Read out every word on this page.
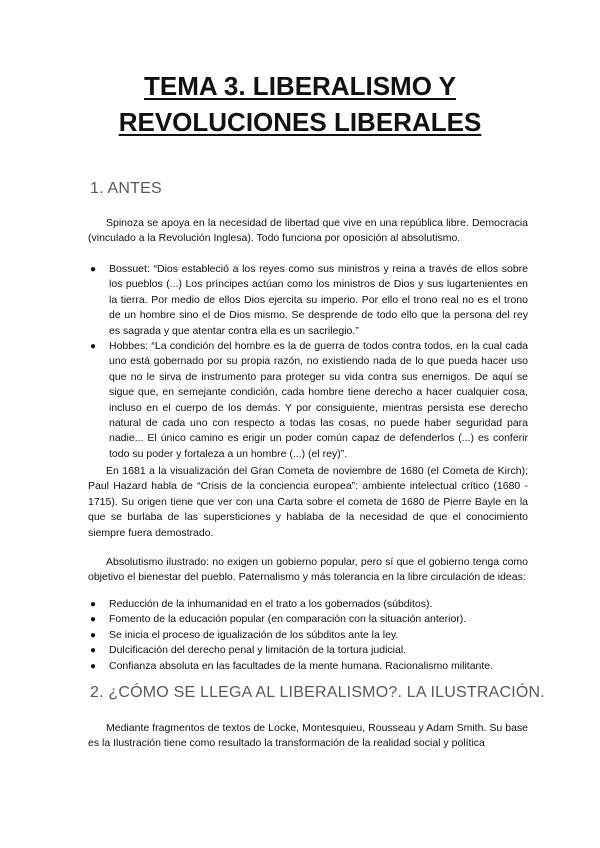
TEMA 3. LIBERALISMO Y
REVOLUCIONES LIBERALES
1. ANTES

Spinoza se apoya en la necesidad de libertad que vive en una república libre. Democracia (vinculado a la Revolución Inglesa). Todo funciona por oposición al absolutismo.

● Bossuet: “Dios estableció a los reyes como sus ministros y reina a través de ellos sobre los pueblos (...) Los príncipes actúan como los ministros de Dios y sus lugartenientes en la tierra. Por medio de ellos Dios ejercita su imperio. Por ello el trono real no es el trono de un hombre sino el de Dios mismo. Se desprende de todo ello que la persona del rey es sagrada y que atentar contra ella es un sacrilegio.”
● Hobbes: “La condición del hombre es la de guerra de todos contra todos, en la cual cada uno está gobernado por su propia razón, no existiendo nada de lo que pueda hacer uso que no le sirva de instrumento para proteger su vida contra sus enemigos. De aquí se sigue que, en semejante condición, cada hombre tiene derecho a hacer cualquier cosa, incluso en el cuerpo de los demás. Y por consiguiente, mientras persista ese derecho natural de cada uno con respecto a todas las cosas, no puede haber seguridad para nadie... El único camino es erigir un poder común capaz de defenderlos (...) es conferir todo su poder y fortaleza a un hombre (...) (el rey)”.

En 1681 a la visualización del Gran Cometa de noviembre de 1680 (el Cometa de Kirch); Paul Hazard habla de “Crisis de la conciencia europea”: ambiente intelectual crítico (1680 - 1715). Su origen tiene que ver con una Carta sobre el cometa de 1680 de Pierre Bayle en la que se burlaba de las supersticiones y hablaba de la necesidad de que el conocimiento siempre fuera demostrado.

Absolutismo ilustrado: no exigen un gobierno popular, pero sí que el gobierno tenga como objetivo el bienestar del pueblo. Paternalismo y más tolerancia en la libre circulación de ideas:

● Reducción de la inhumanidad en el trato a los gobernados (súbditos).
● Fomento de la educación popular (en comparación con la situación anterior).
● Se inicia el proceso de igualización de los súbditos ante la ley.
● Dulcificación del derecho penal y limitación de la tortura judicial.
● Confianza absoluta en las facultades de la mente humana. Racionalismo militante.
2. ¿CÓMO SE LLEGA AL LIBERALISMO?. LA ILUSTRACIÓN.

Mediante fragmentos de textos de Locke, Montesquieu, Rousseau y Adam Smith. Su base es la Ilustración tiene como resultado la transformación de la realidad social y política
